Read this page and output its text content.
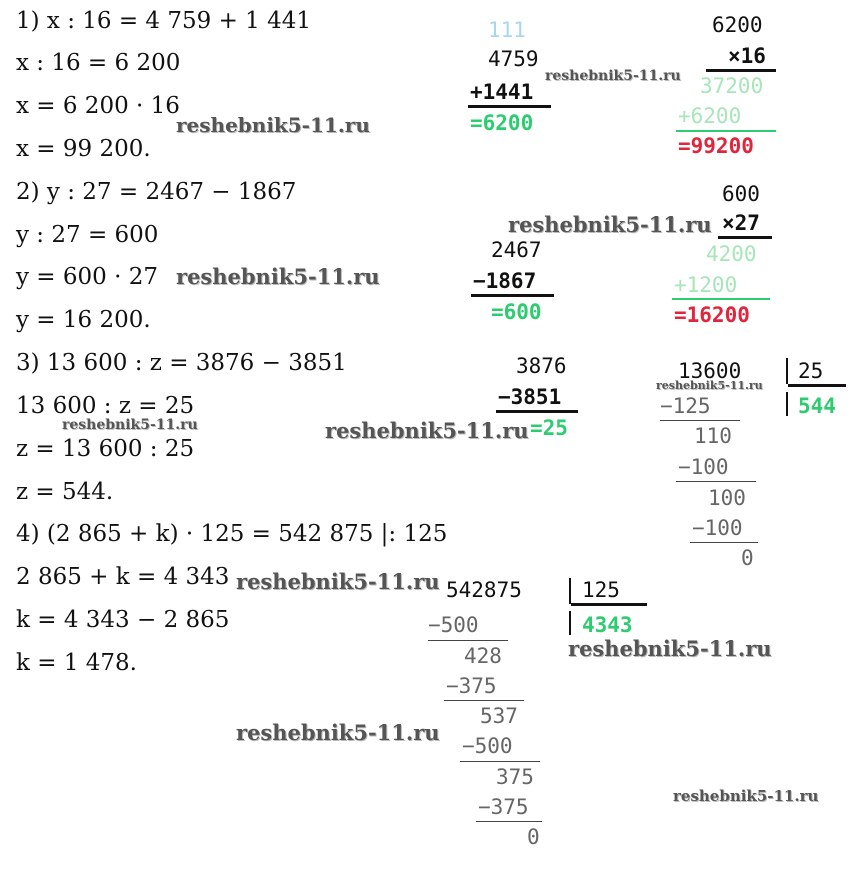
1) x : 16 = 4 759 + 1 441
x : 16 = 6 200
x = 6 200 · 16
x = 99 200.
2) y : 27 = 2467 − 1867
y : 27 = 600
y = 600 · 27
y = 16 200.
3) 13 600 : z = 3876 − 3851
13 600 : z = 25
z = 13 600 : 25
z = 544.
4) (2 865 + k) · 125 = 542 875 |: 125
2 865 + k = 4 343
k = 4 343 − 2 865
k = 1 478.
111
4759
+1441
=6200
6200
×16
37200
+6200
=99200
2467
−1867
=600
600
×27
4200
+1200
=16200
3876
−3851
=25
13600	25
544
−125
110
−100
100
−100
0
542875	125
4343
−500
428
−375
537
−500
375
−375
0
reshebnik5-11.ru
reshebnik5-11.ru
reshebnik5-11.ru
reshebnik5-11.ru
reshebnik5-11.ru	reshebnik5-11.ru
reshebnik5-11.ru
reshebnik5-11.ru
reshebnik5-11.ru
reshebnik5-11.ru
reshebnik5-11.ru
